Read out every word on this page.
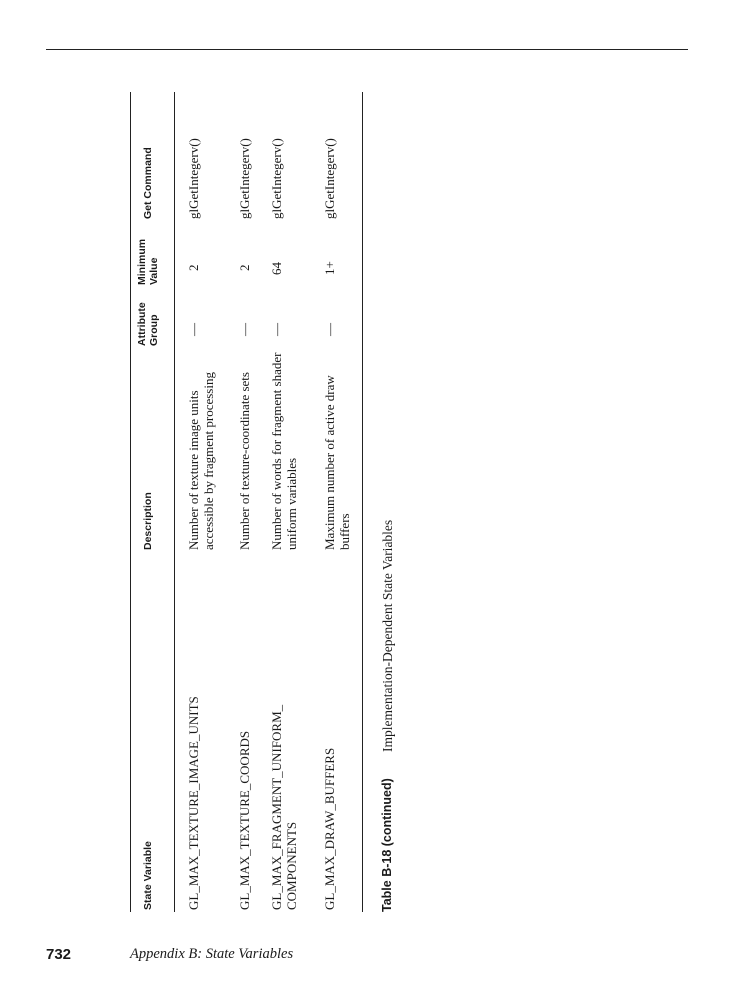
State Variable
Description
Attribute Group
Minimum Value
Get Command
GL_MAX_TEXTURE_IMAGE_UNITS
Number of texture image units accessible by fragment processing
—
2
glGetIntegerv()
GL_MAX_TEXTURE_COORDS
Number of texture-coordinate sets
—
2
glGetIntegerv()
GL_MAX_FRAGMENT_UNIFORM_ COMPONENTS
Number of words for fragment shader uniform variables
—
64
glGetIntegerv()
GL_MAX_DRAW_BUFFERS
Maximum number of active draw buffers
—
1+
glGetIntegerv()
Table B-18 (continued)
Implementation-Dependent State Variables
732	Appendix B: State Variables
